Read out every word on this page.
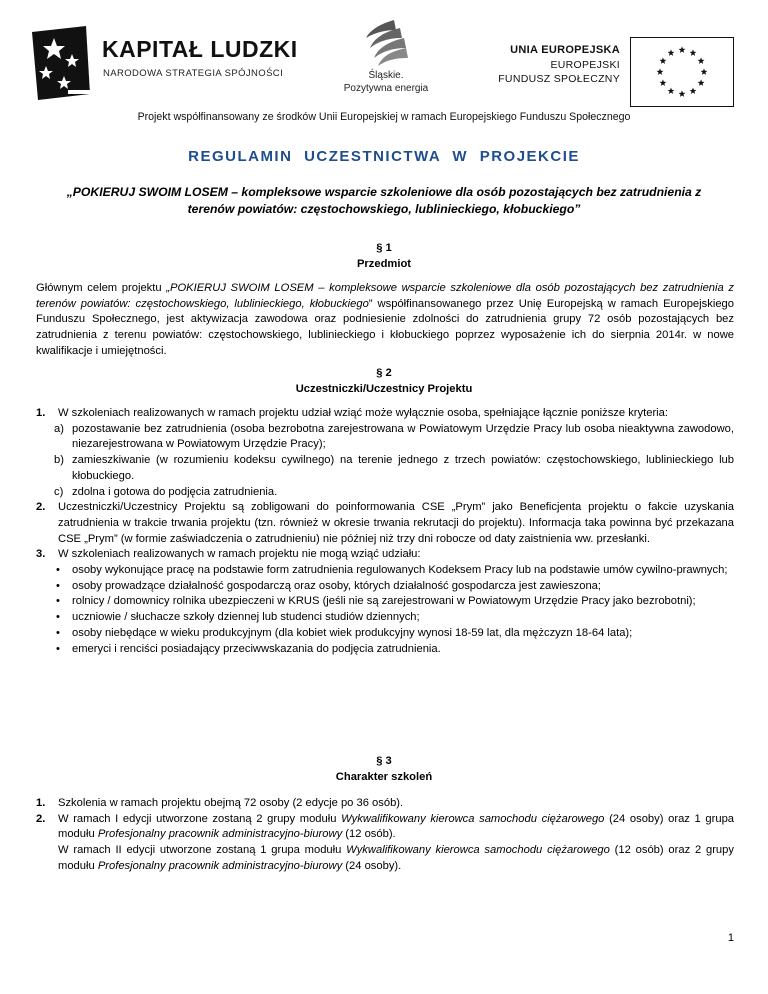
KAPITAŁ LUDZKI
NARODOWA STRATEGIA SPÓJNOŚCI	Śląskie.
Pozytywna energia
UNIA EUROPEJSKA
EUROPEJSKI
FUNDUSZ SPOŁECZNY
Projekt współfinansowany ze środków Unii Europejskiej w ramach Europejskiego Funduszu Społecznego
REGULAMIN UCZESTNICTWA W PROJEKCIE
„POKIERUJ SWOIM LOSEM – kompleksowe wsparcie szkoleniowe dla osób pozostających bez zatrudnienia z terenów powiatów: częstochowskiego, lublinieckiego, kłobuckiego”
§ 1
Przedmiot
Głównym celem projektu „POKIERUJ SWOIM LOSEM – kompleksowe wsparcie szkoleniowe dla osób pozostających bez zatrudnienia z terenów powiatów: częstochowskiego, lublinieckiego, kłobuckiego” współfinansowanego przez Unię Europejską w ramach Europejskiego Funduszu Społecznego, jest aktywizacja zawodowa oraz podniesienie zdolności do zatrudnienia grupy 72 osób pozostających bez zatrudnienia z terenu powiatów: częstochowskiego, lublinieckiego i kłobuckiego poprzez wyposażenie ich do sierpnia 2014r. w nowe kwalifikacje i umiejętności.
§ 2
Uczestniczki/Uczestnicy Projektu
1. W szkoleniach realizowanych w ramach projektu udział wziąć może wyłącznie osoba, spełniające łącznie poniższe kryteria:
a) pozostawanie bez zatrudnienia (osoba bezrobotna zarejestrowana w Powiatowym Urzędzie Pracy lub osoba nieaktywna zawodowo, niezarejestrowana w Powiatowym Urzędzie Pracy);
b) zamieszkiwanie (w rozumieniu kodeksu cywilnego) na terenie jednego z trzech powiatów: częstochowskiego, lublinieckiego lub kłobuckiego.
c) zdolna i gotowa do podjęcia zatrudnienia.
2. Uczestniczki/Uczestnicy Projektu są zobligowani do poinformowania CSE „Prym” jako Beneficjenta projektu o fakcie uzyskania zatrudnienia w trakcie trwania projektu (tzn. również w okresie trwania rekrutacji do projektu). Informacja taka powinna być przekazana CSE „Prym” (w formie zaświadczenia o zatrudnieniu) nie później niż trzy dni robocze od daty zaistnienia ww. przesłanki.
3. W szkoleniach realizowanych w ramach projektu nie mogą wziąć udziału:
• osoby wykonujące pracę na podstawie form zatrudnienia regulowanych Kodeksem Pracy lub na podstawie umów cywilno-prawnych;
• osoby prowadzące działalność gospodarczą oraz osoby, których działalność gospodarcza jest zawieszona;
• rolnicy / domownicy rolnika ubezpieczeni w KRUS (jeśli nie są zarejestrowani w Powiatowym Urzędzie Pracy jako bezrobotni);
• uczniowie / słuchacze szkoły dziennej lub studenci studiów dziennych;
• osoby niebędące w wieku produkcyjnym (dla kobiet wiek produkcyjny wynosi 18-59 lat, dla mężczyzn 18-64 lata);
• emeryci i renciści posiadający przeciwwskazania do podjęcia zatrudnienia.
§ 3
Charakter szkoleń
1. Szkolenia w ramach projektu obejmą 72 osoby (2 edycje po 36 osób).
2. W ramach I edycji utworzone zostaną 2 grupy modułu Wykwalifikowany kierowca samochodu ciężarowego (24 osoby) oraz 1 grupa modułu Profesjonalny pracownik administracyjno-biurowy (12 osób).
W ramach II edycji utworzone zostaną 1 grupa modułu Wykwalifikowany kierowca samochodu ciężarowego (12 osób) oraz 2 grupy modułu Profesjonalny pracownik administracyjno-biurowy (24 osoby).
1
